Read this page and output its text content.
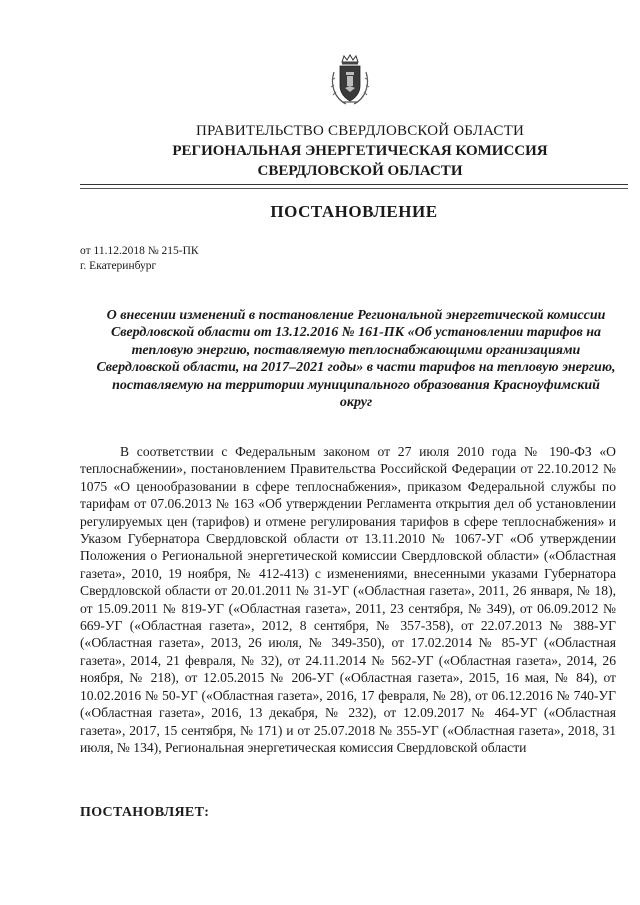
ПРАВИТЕЛЬСТВО СВЕРДЛОВСКОЙ ОБЛАСТИ
РЕГИОНАЛЬНАЯ ЭНЕРГЕТИЧЕСКАЯ КОМИССИЯ
СВЕРДЛОВСКОЙ ОБЛАСТИ
ПОСТАНОВЛЕНИЕ
от 11.12.2018 № 215-ПК
г. Екатеринбург
О внесении изменений в постановление Региональной энергетической комиссии Свердловской области от 13.12.2016 № 161-ПК «Об установлении тарифов на тепловую энергию, поставляемую теплоснабжающими организациями Свердловской области, на 2017–2021 годы» в части тарифов на тепловую энергию, поставляемую на территории муниципального образования Красноуфимский округ

В соответствии с Федеральным законом от 27 июля 2010 года № 190-ФЗ «О теплоснабжении», постановлением Правительства Российской Федерации от 22.10.2012 № 1075 «О ценообразовании в сфере теплоснабжения», приказом Федеральной службы по тарифам от 07.06.2013 № 163 «Об утверждении Регламента открытия дел об установлении регулируемых цен (тарифов) и отмене регулирования тарифов в сфере теплоснабжения» и Указом Губернатора Свердловской области от 13.11.2010 № 1067-УГ «Об утверждении Положения о Региональной энергетической комиссии Свердловской области» («Областная газета», 2010, 19 ноября, № 412-413) с изменениями, внесенными указами Губернатора Свердловской области от 20.01.2011 № 31-УГ («Областная газета», 2011, 26 января, № 18), от 15.09.2011 № 819-УГ («Областная газета», 2011, 23 сентября, № 349), от 06.09.2012 № 669-УГ («Областная газета», 2012, 8 сентября, № 357-358), от 22.07.2013 № 388-УГ («Областная газета», 2013, 26 июля, № 349-350), от 17.02.2014 № 85-УГ («Областная газета», 2014, 21 февраля, № 32), от 24.11.2014 № 562-УГ («Областная газета», 2014, 26 ноября, № 218), от 12.05.2015 № 206-УГ («Областная газета», 2015, 16 мая, № 84), от 10.02.2016 № 50-УГ («Областная газета», 2016, 17 февраля, № 28), от 06.12.2016 № 740-УГ («Областная газета», 2016, 13 декабря, № 232), от 12.09.2017 № 464-УГ («Областная газета», 2017, 15 сентября, № 171) и от 25.07.2018 № 355-УГ («Областная газета», 2018, 31 июля, № 134), Региональная энергетическая комиссия Свердловской области

ПОСТАНОВЛЯЕТ:
